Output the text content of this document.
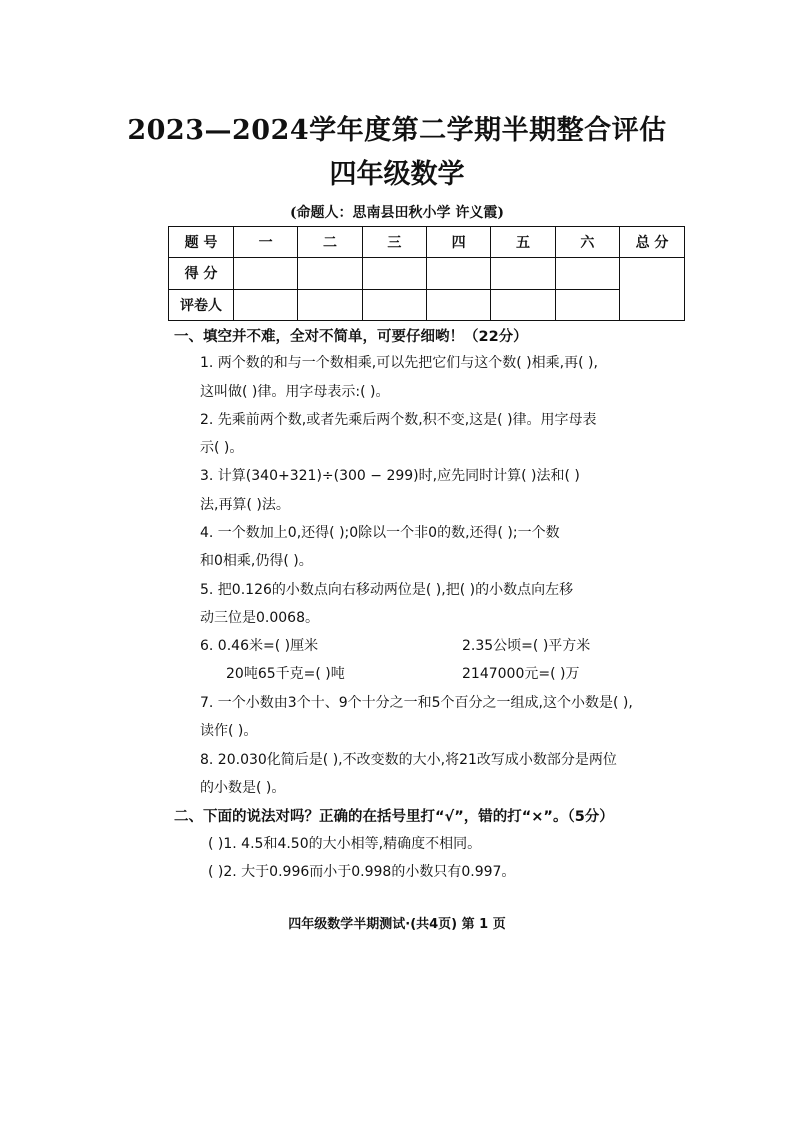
2023—2024学年度第二学期半期整合评估
四年级数学
(命题人：思南县田秋小学 许义霞)
题 号	一	二	三	四	五	六	总 分
得 分							
评卷人							
一、填空并不难，全对不简单，可要仔细哟！（22分）
1. 两个数的和与一个数相乘,可以先把它们与这个数( )相乘,再( ),
这叫做( )律。用字母表示:( )。
2. 先乘前两个数,或者先乘后两个数,积不变,这是( )律。用字母表
示( )。
3. 计算(340+321)÷(300 − 299)时,应先同时计算( )法和( )
法,再算( )法。
4. 一个数加上0,还得( );0除以一个非0的数,还得( );一个数
和0相乘,仍得( )。
5. 把0.126的小数点向右移动两位是( ),把( )的小数点向左移
动三位是0.0068。
6. 0.46米=( )厘米	2.35公顷=( )平方米
20吨65千克=( )吨	2147000元=( )万
7. 一个小数由3个十、9个十分之一和5个百分之一组成,这个小数是( ),
读作( )。
8. 20.030化简后是( ),不改变数的大小,将21改写成小数部分是两位
的小数是( )。
二、下面的说法对吗？正确的在括号里打“√”，错的打“×”。（5分）
( )1. 4.5和4.50的大小相等,精确度不相同。
( )2. 大于0.996而小于0.998的小数只有0.997。
四年级数学半期测试·(共4页) 第 1 页
